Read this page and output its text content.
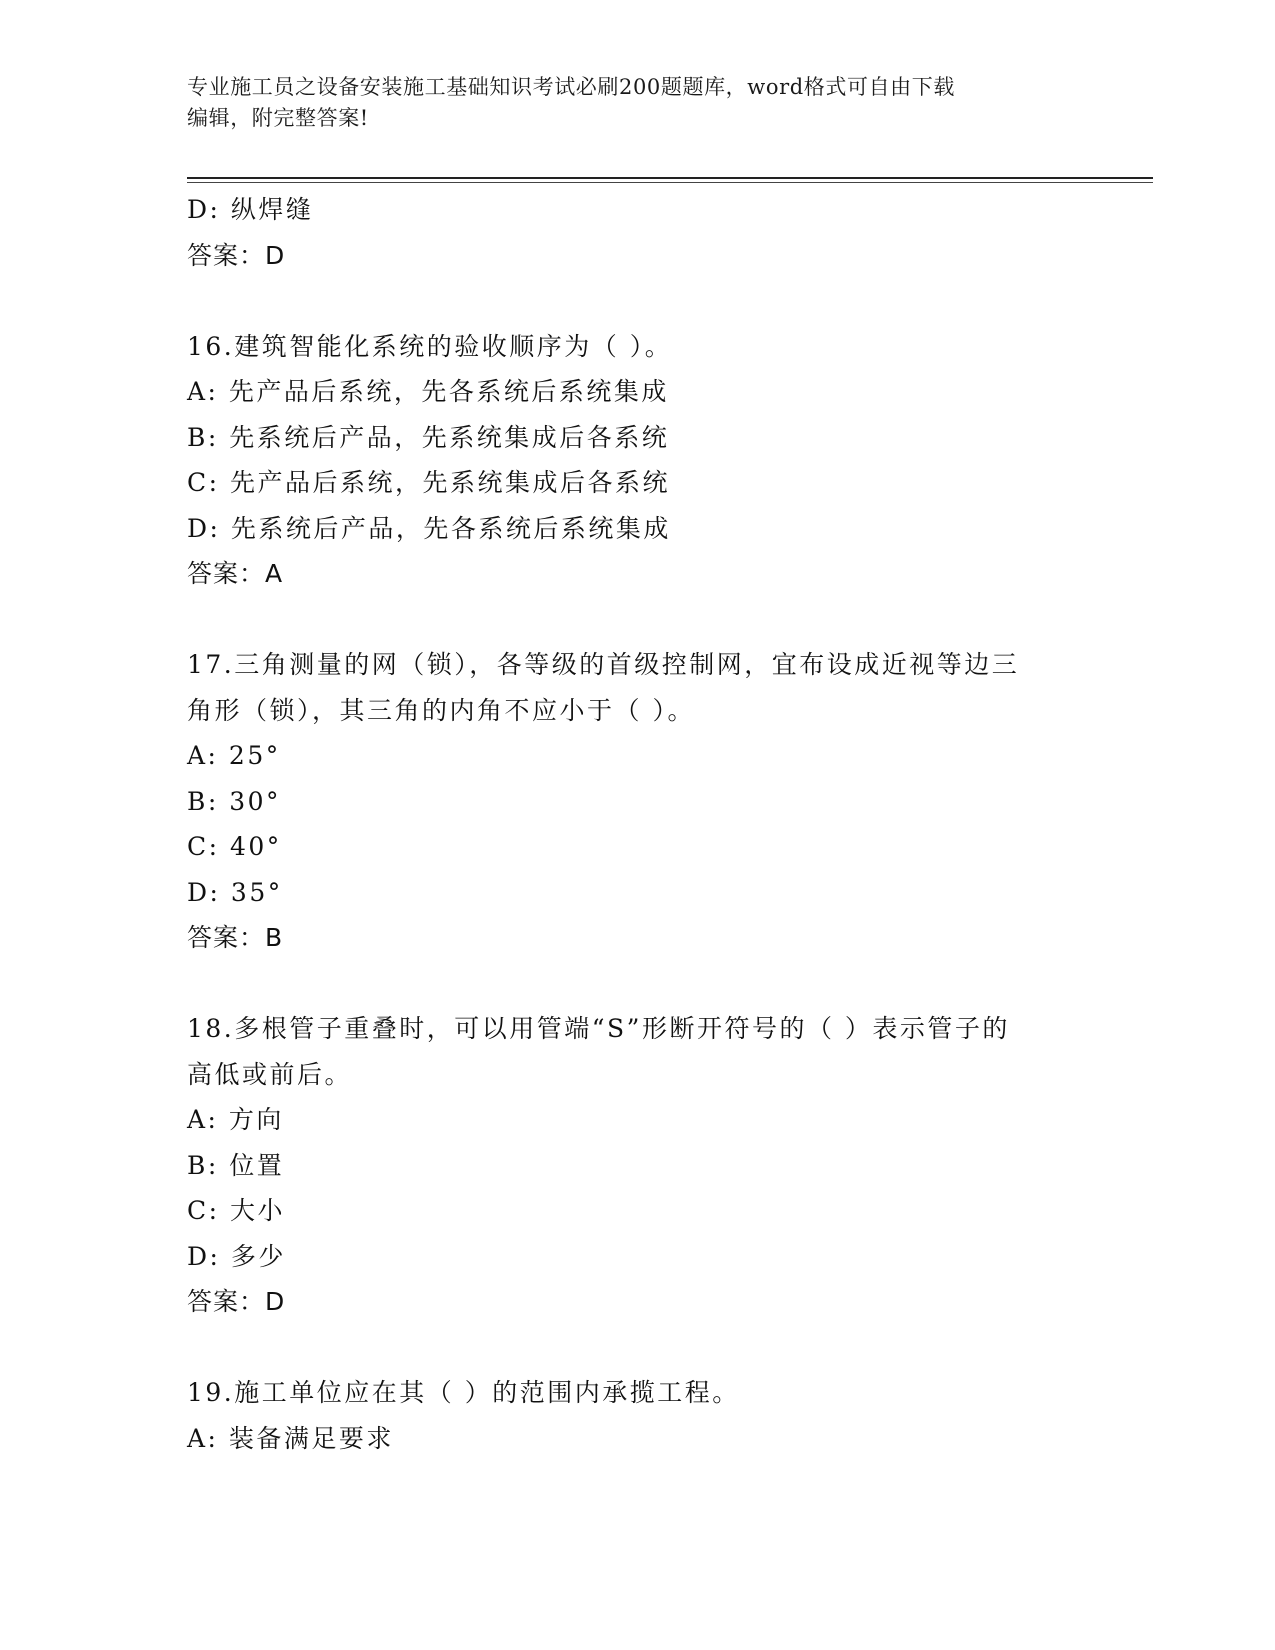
专业施工员之设备安装施工基础知识考试必刷200题题库，word格式可自由下载
编辑，附完整答案!
D: 纵焊缝
答案：D
16.建筑智能化系统的验收顺序为（ ）。
A: 先产品后系统，先各系统后系统集成
B: 先系统后产品，先系统集成后各系统
C: 先产品后系统，先系统集成后各系统
D: 先系统后产品，先各系统后系统集成
答案：A
17.三角测量的网（锁），各等级的首级控制网，宜布设成近视等边三
角形（锁），其三角的内角不应小于（ ）。
A: 25°
B: 30°
C: 40°
D: 35°
答案：B
18.多根管子重叠时，可以用管端“S”形断开符号的（ ）表示管子的
高低或前后。
A: 方向
B: 位置
C: 大小
D: 多少
答案：D
19.施工单位应在其（ ）的范围内承揽工程。
A: 装备满足要求
